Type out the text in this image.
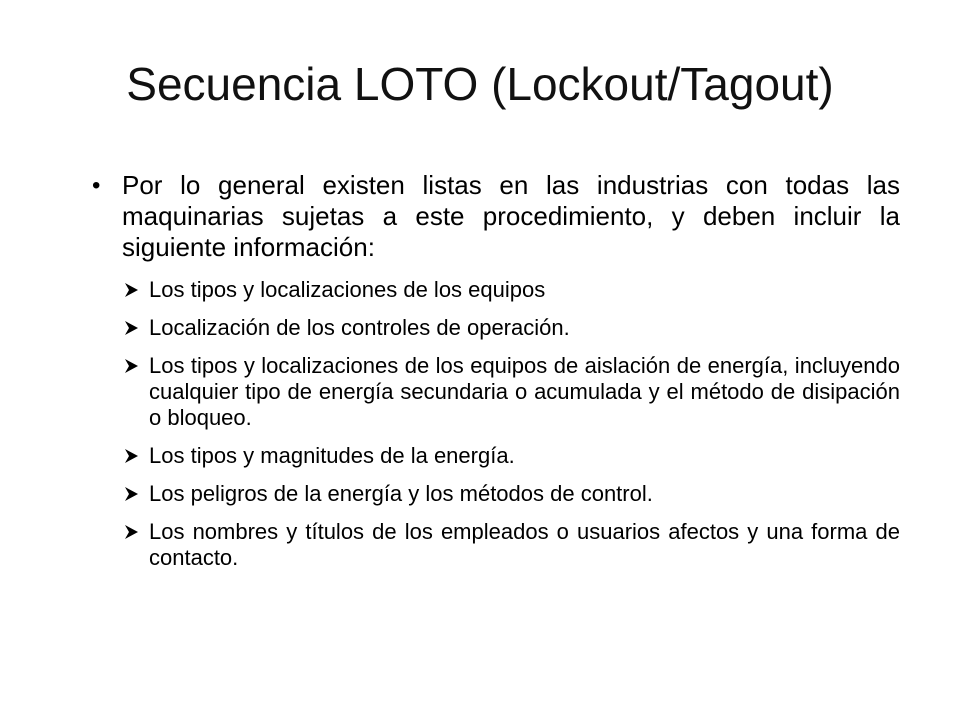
Secuencia LOTO (Lockout/Tagout)

• Por lo general existen listas en las industrias con todas las maquinarias sujetas a este procedimiento, y deben incluir la siguiente información:

Los tipos y localizaciones de los equipos
Localización de los controles de operación.
Los tipos y localizaciones de los equipos de aislación de energía, incluyendo cualquier tipo de energía secundaria o acumulada y el método de disipación o bloqueo.
Los tipos y magnitudes de la energía.
Los peligros de la energía y los métodos de control.
Los nombres y títulos de los empleados o usuarios afectos y una forma de contacto.
